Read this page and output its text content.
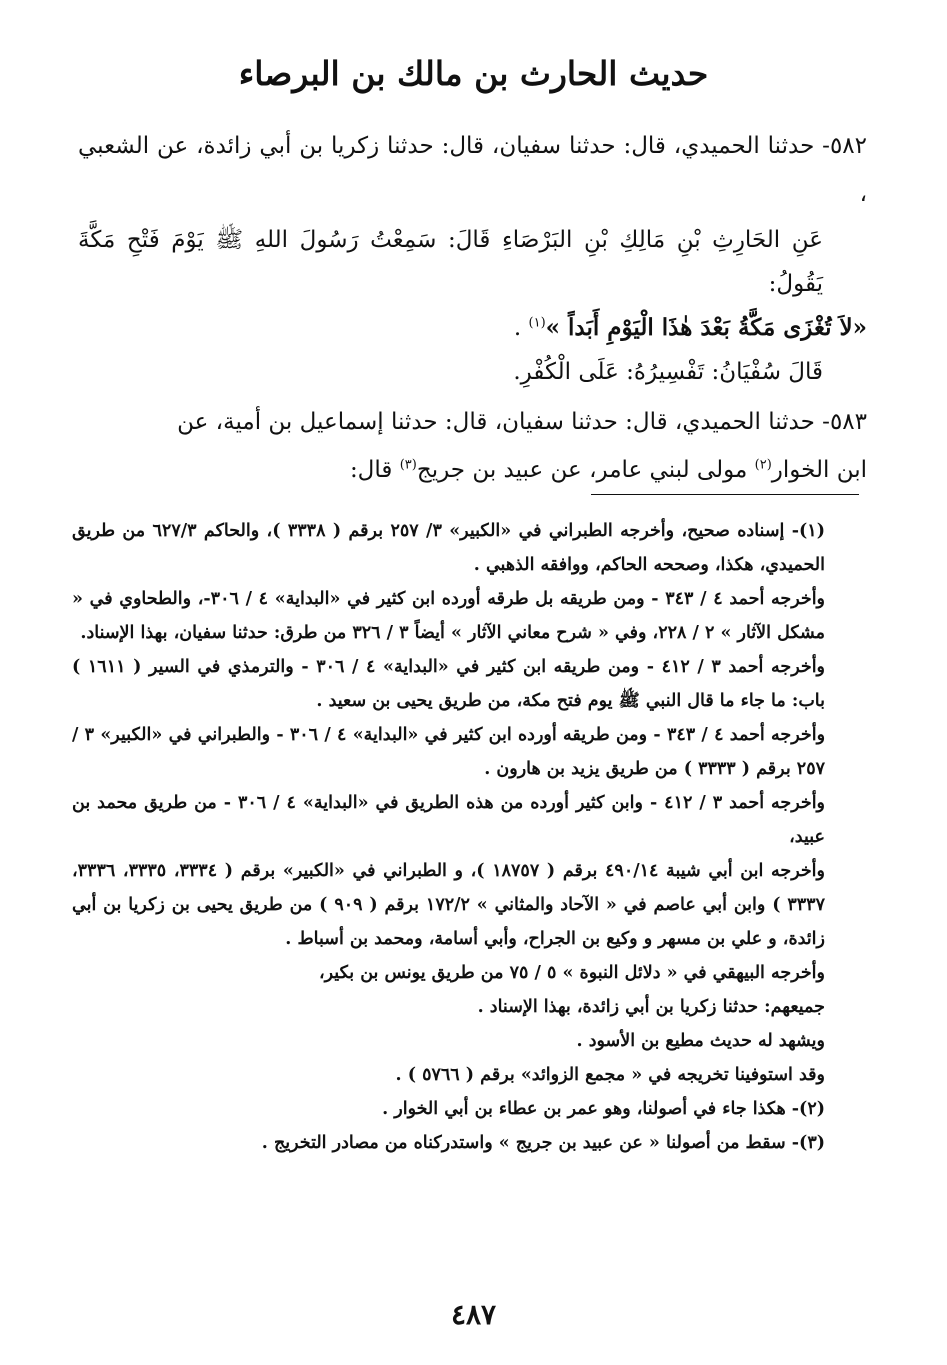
حديث الحارث بن مالك بن البرصاء

٥٨٢- حدثنا الحميدي، قال: حدثنا سفيان، قال: حدثنا زكريا بن أبي زائدة، عن الشعبي ،

عَنِ الحَارِثِ بْنِ مَالِكِ بْنِ البَرْصَاءِ قَالَ: سَمِعْتُ رَسُولَ اللهِ ﷺ يَوْمَ فَتْحِ مَكَّةَ يَقُولُ:

«لاَ تُغْزَى مَكَّةُ بَعْدَ هٰذَا الْيَوْمِ أَبَداً »$^{(١)}$ .

قَالَ سُفْيَانُ: تَفْسِيرُهُ: عَلَى الْكُفْرِ.

٥٨٣- حدثنا الحميدي، قال: حدثنا سفيان، قال: حدثنا إسماعيل بن أمية، عن

ابن الخوار$^{(٢)}$ مولى لبني عامر، عن عبيد بن جريج$^{(٣)}$ قال:

(١)- إسناده صحيح، وأخرجه الطبراني في «الكبير» ٣/ ٢٥٧ برقم ( ٣٣٣٨ )، والحاكم ٦٢٧/٣ من طريق الحميدي، هكذا، وصححه الحاكم، ووافقه الذهبي .

وأخرجه أحمد ٤ / ٣٤٣ - ومن طريقه بل طرقه أورده ابن كثير في «البداية» ٤ / ٣٠٦-، والطحاوي في « مشكل الآثار » ٢ / ٢٢٨، وفي « شرح معاني الآثار » أيضاً ٣ / ٣٢٦ من طرق: حدثنا سفيان، بهذا الإسناد.

وأخرجه أحمد ٣ / ٤١٢ - ومن طريقه ابن كثير في «البداية» ٤ / ٣٠٦ - والترمذي في السير ( ١٦١١ ) باب: ما جاء ما قال النبي ﷺ يوم فتح مكة، من طريق يحيى بن سعيد .

وأخرجه أحمد ٤ / ٣٤٣ - ومن طريقه أورده ابن كثير في «البداية» ٤ / ٣٠٦ - والطبراني في «الكبير» ٣ / ٢٥٧ برقم ( ٣٣٣٣ ) من طريق يزيد بن هارون .

وأخرجه أحمد ٣ / ٤١٢ - وابن كثير أورده من هذه الطريق في «البداية» ٤ / ٣٠٦ - من طريق محمد بن عبيد،

وأخرجه ابن أبي شيبة ٤٩٠/١٤ برقم ( ١٨٧٥٧ )، و الطبراني في «الكبير» برقم ( ٣٣٣٤، ٣٣٣٥، ٣٣٣٦، ٣٣٣٧ ) وابن أبي عاصم في « الآحاد والمثاني » ١٧٢/٢ برقم ( ٩٠٩ ) من طريق يحيى بن زكريا بن أبي زائدة، و علي بن مسهر و وكيع بن الجراح، وأبي أسامة، ومحمد بن أسباط .

وأخرجه البيهقي في « دلائل النبوة » ٥ / ٧٥ من طريق يونس بن بكير،

جميعهم: حدثنا زكريا بن أبي زائدة، بهذا الإسناد .

ويشهد له حديث مطيع بن الأسود .

وقد استوفينا تخريجه في « مجمع الزوائد» برقم ( ٥٧٦٦ ) .

(٢)- هكذا جاء في أصولنا، وهو عمر بن عطاء بن أبي الخوار .

(٣)- سقط من أصولنا « عن عبيد بن جريج » واستدركناه من مصادر التخريج .

٤٨٧
